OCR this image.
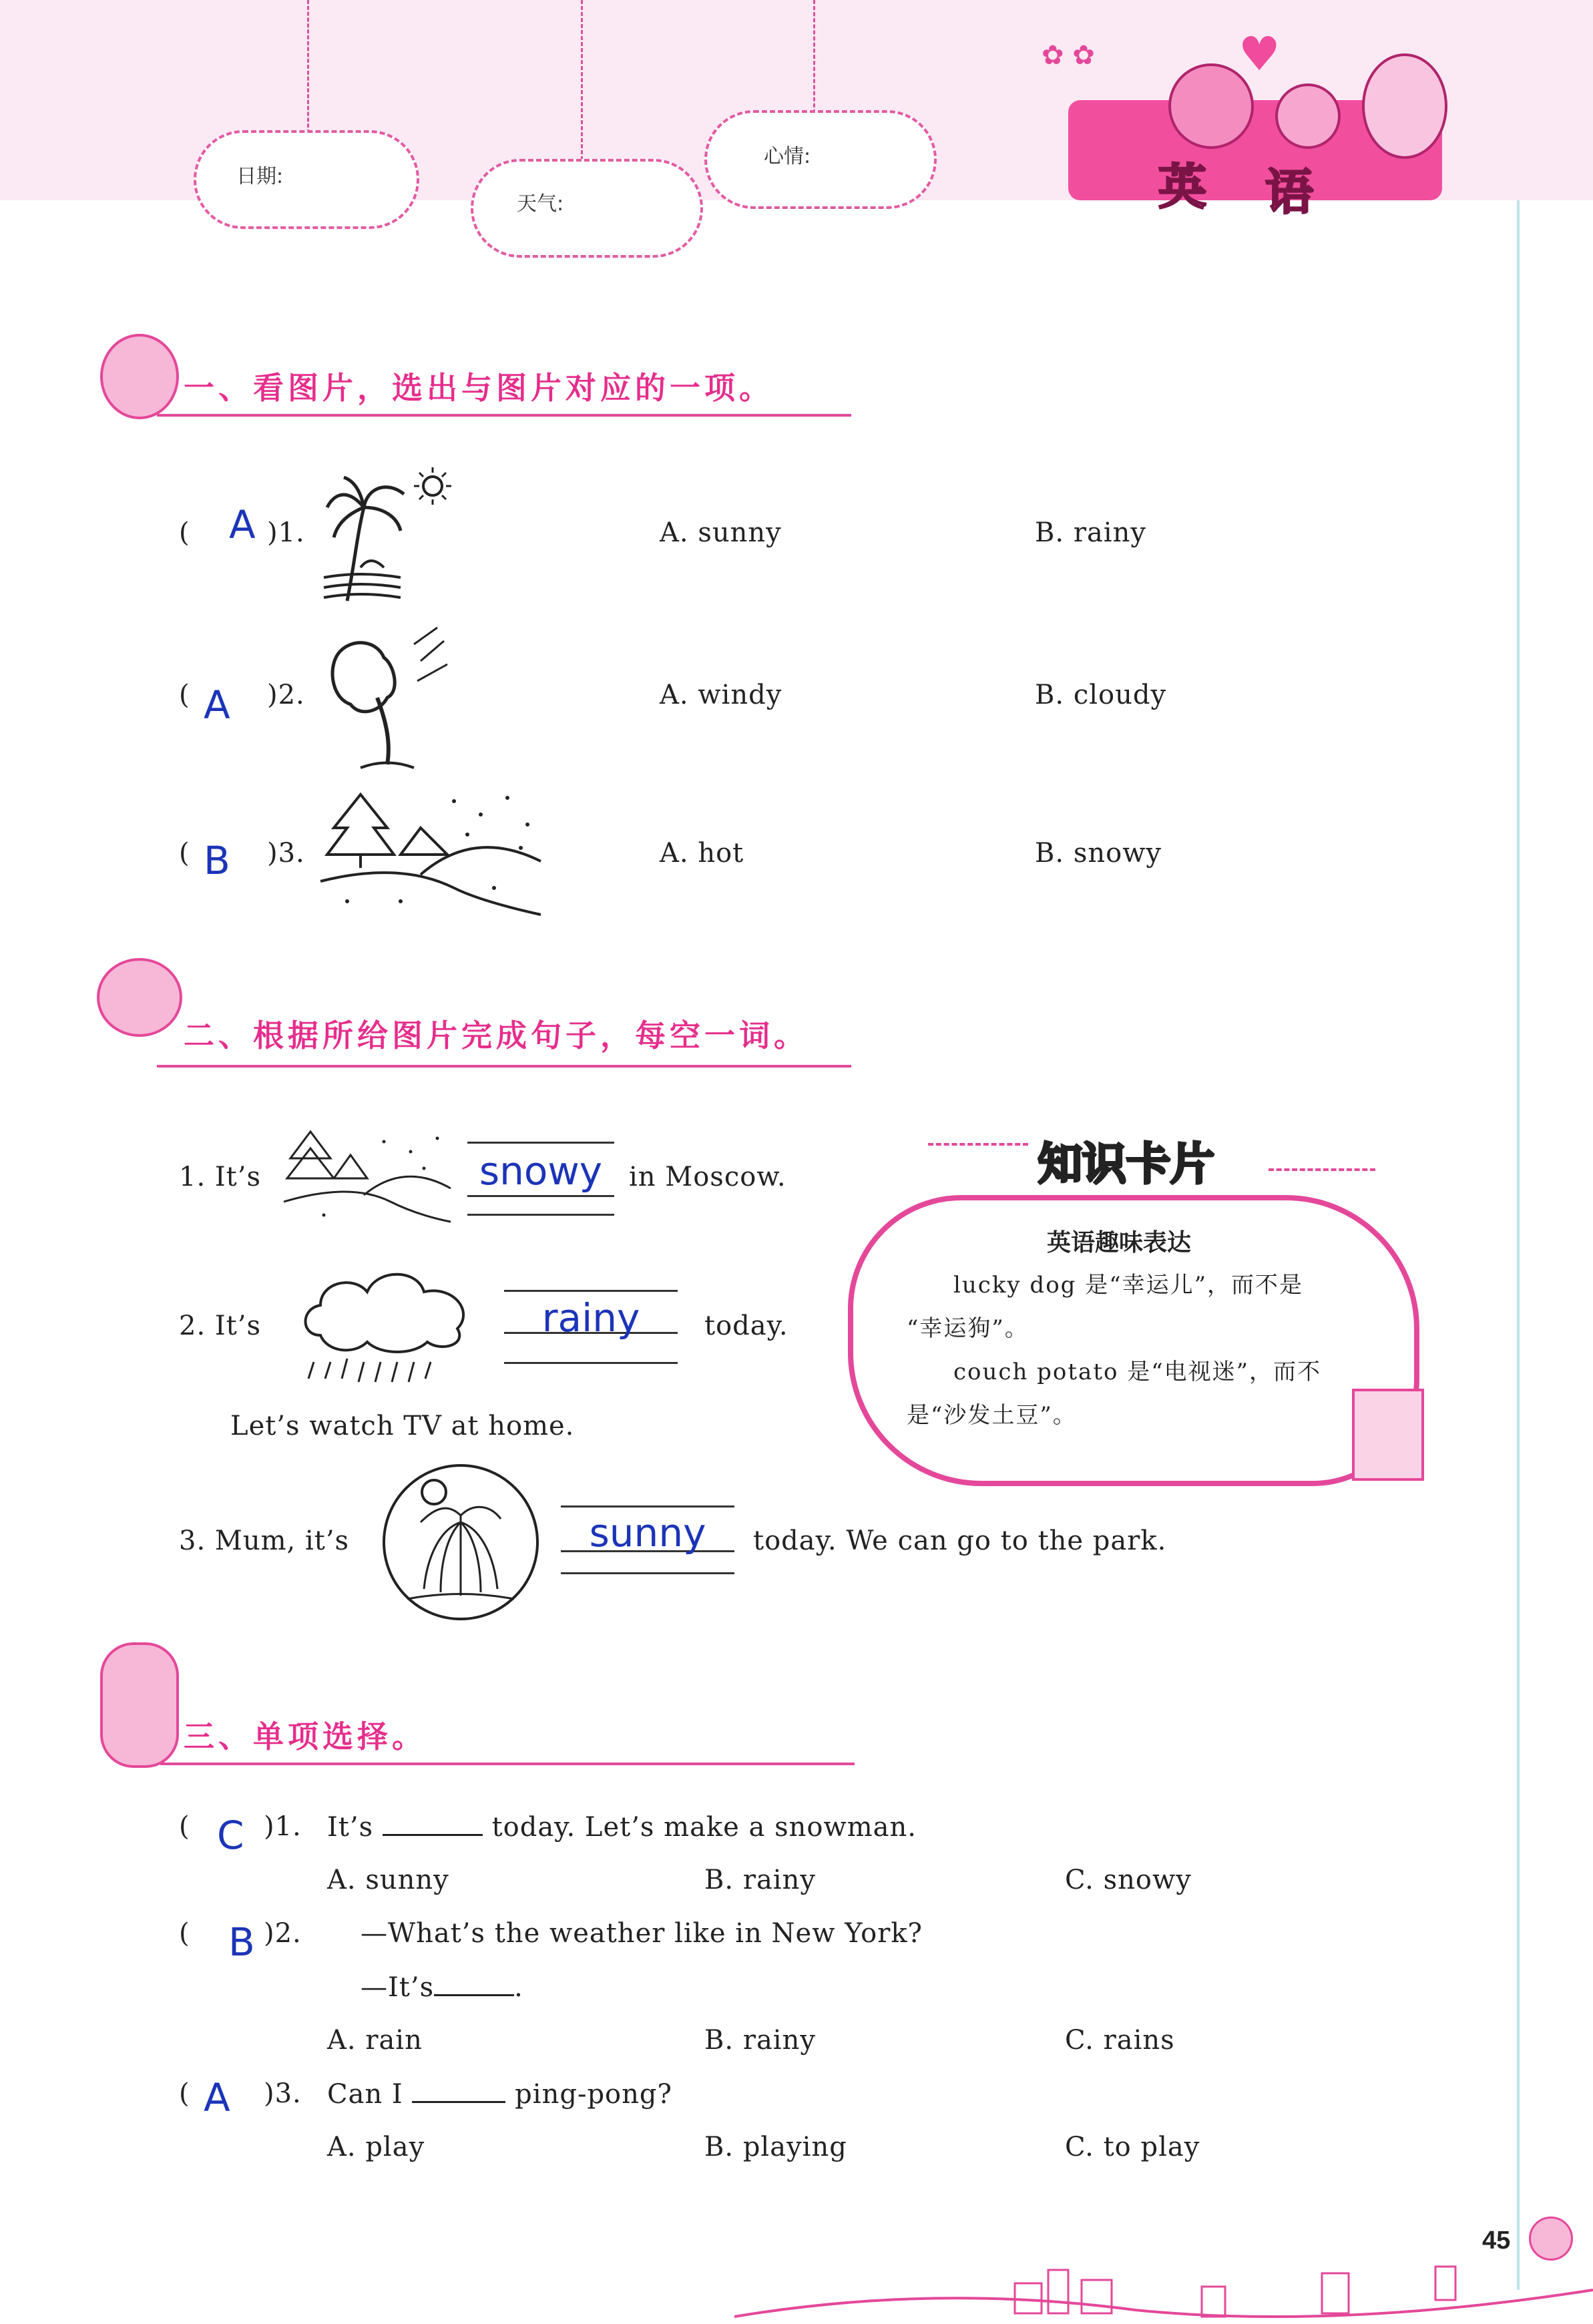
日期:
天气:
心情:
英 语
♥
✿ ✿
一、看图片，选出与图片对应的一项。
( A )1.	A. sunny	B. rainy
( A )2.	A. windy	B. cloudy
( B )3.	A. hot	B. snowy
二、根据所给图片完成句子，每空一词。
1. It’s	snowy in Moscow.
2. It’s	rainy	today.
Let’s watch TV at home.
3. Mum, it’s	sunny	today. We can go to the park.
知识卡片
英语趣味表达
lucky dog 是“幸运儿”，而不是
“幸运狗”。
couch potato 是“电视迷”，而不
是“沙发土豆”。
三、单项选择。
( C )1. It’s	today. Let’s make a snowman.
A. sunny	B. rainy	C. snowy
( B )2. —What’s the weather like in New York?
—It’s	.
A. rain	B. rainy	C. rains
( A )3. Can I	ping-pong?
A. play	B. playing	C. to play
45
